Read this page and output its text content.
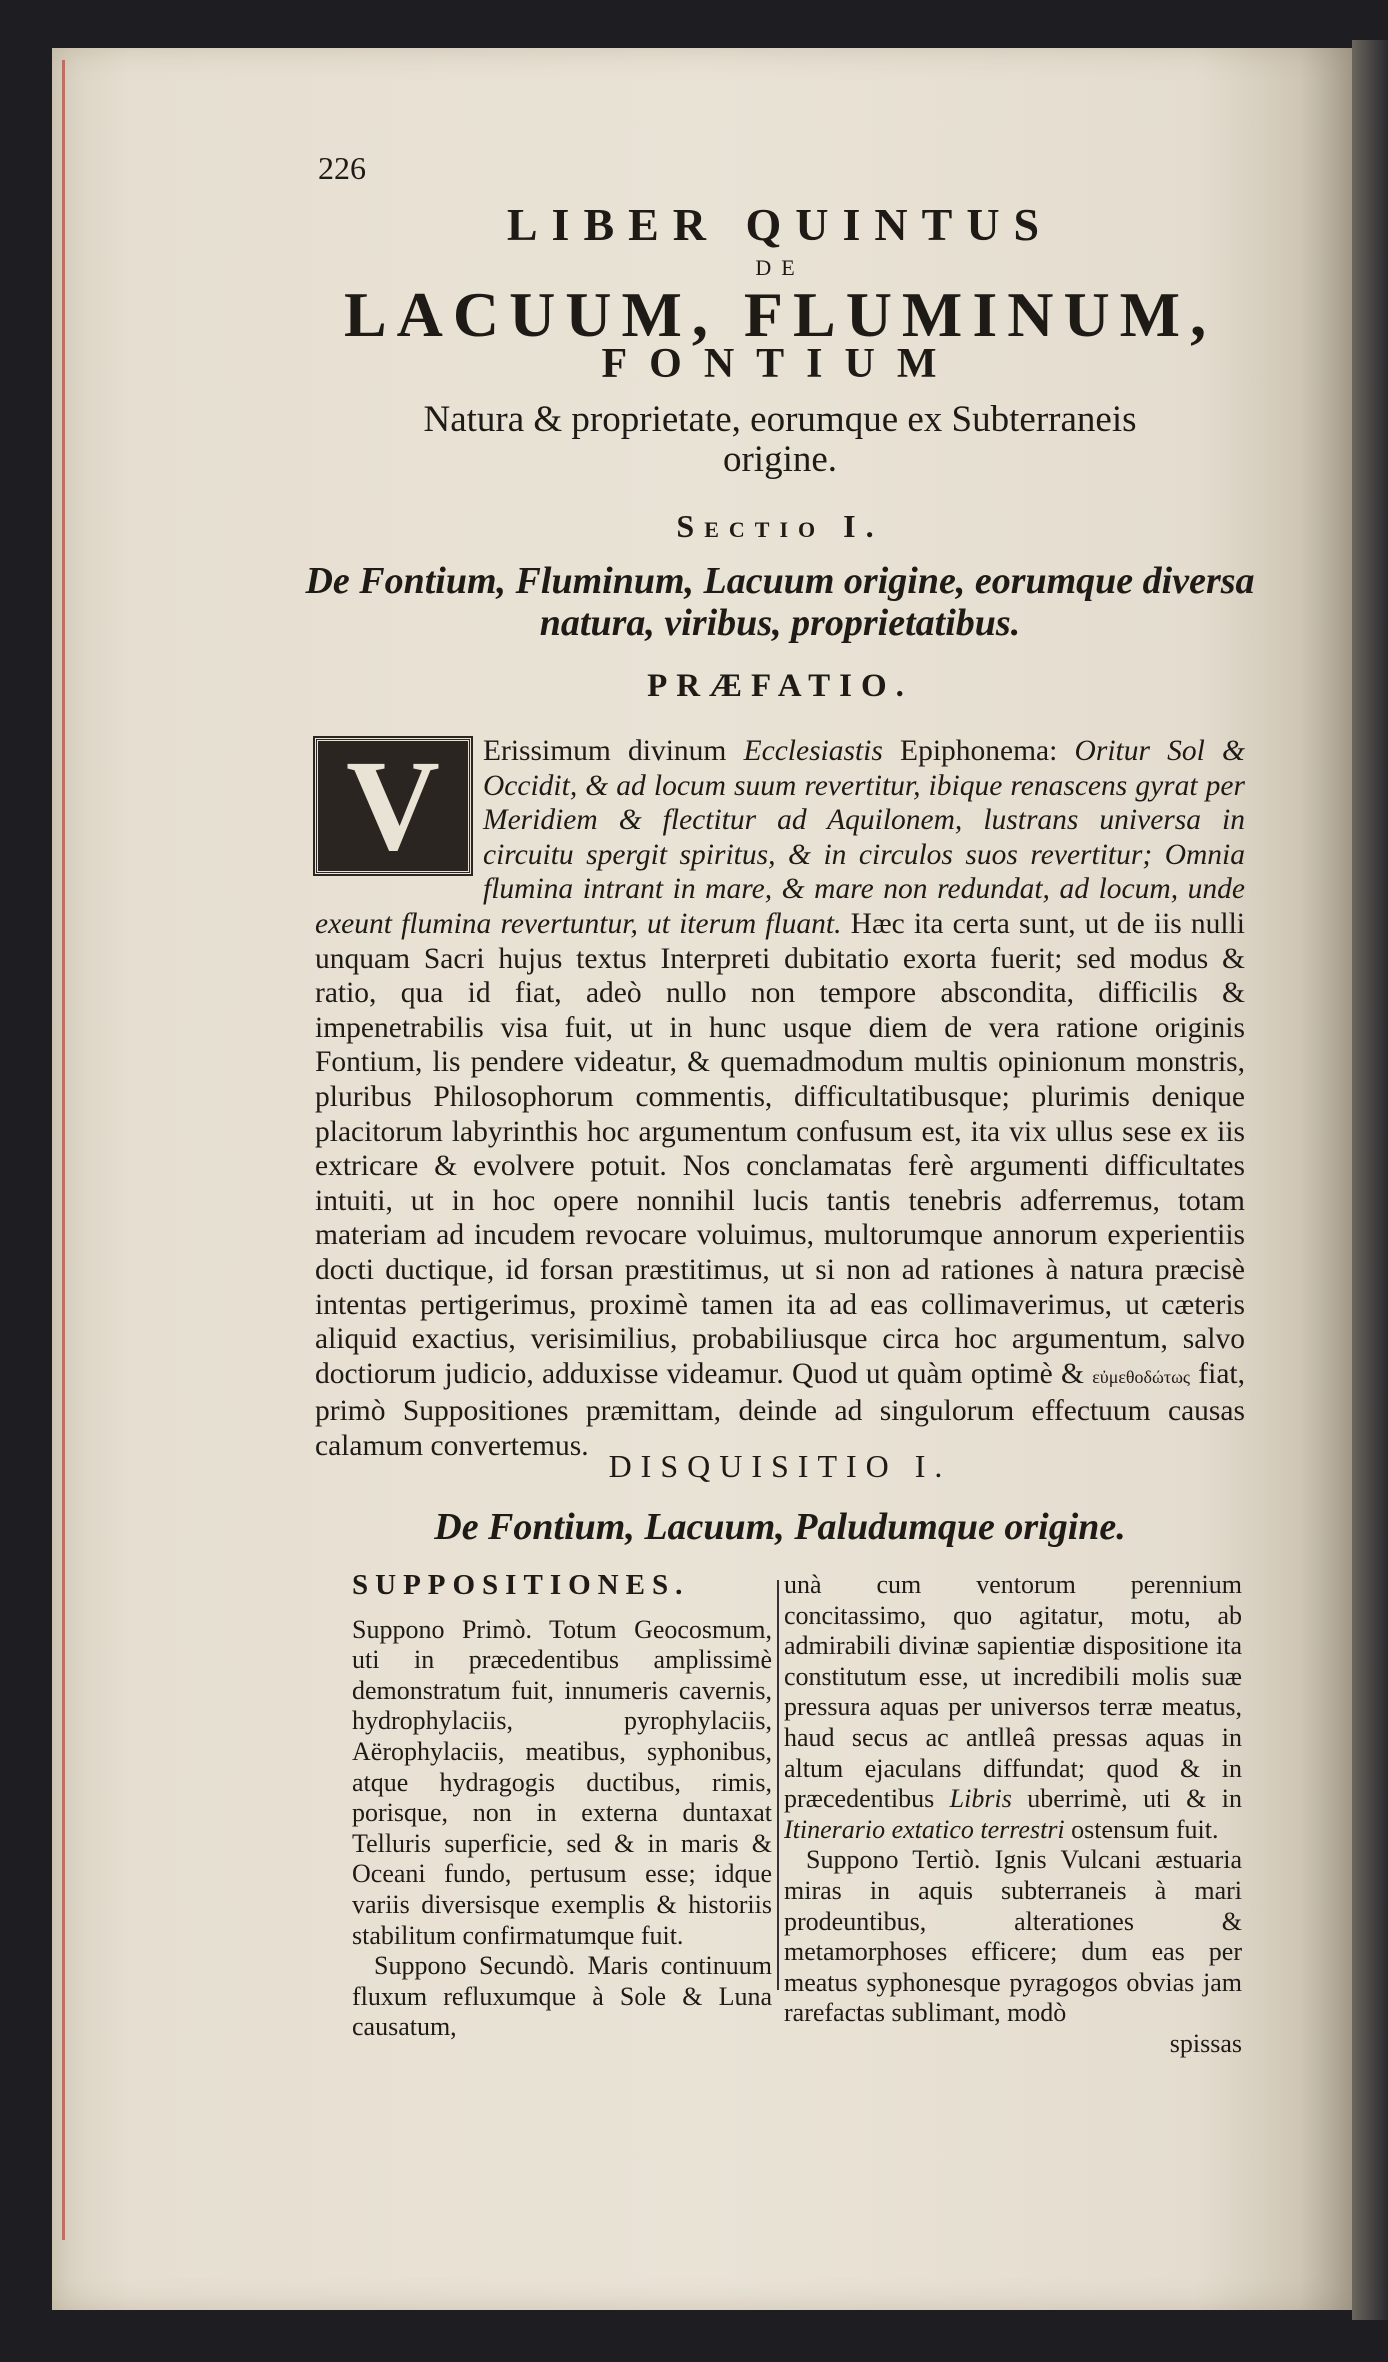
226
LIBER QUINTUS
DE
LACUUM, FLUMINUM,
FONTIUM
Natura & proprietate, eorumque ex Subterraneis
origine.
Sectio I.
De Fontium, Fluminum, Lacuum origine, eorumque diversa
natura, viribus, proprietatibus.
PRÆFATIO.
V	Erissimum divinum Ecclesiastis Epiphonema: Oritur Sol & Occidit, & ad locum suum revertitur, ibique renascens gyrat per Meridiem & flectitur ad Aquilonem, lustrans universa in circuitu spergit spiritus, & in circulos suos revertitur; Omnia flumina intrant in mare, & mare non redundat, ad locum, unde exeunt flumina revertuntur, ut iterum fluant. Hæc ita certa sunt, ut de iis nulli unquam Sacri hujus textus Interpreti dubitatio exorta fuerit; sed modus & ratio, qua id fiat, adeò nullo non tempore abscondita, difficilis & impenetrabilis visa fuit, ut in hunc usque diem de vera ratione originis Fontium, lis pendere videatur, & quemadmodum multis opinionum monstris, pluribus Philosophorum commentis, difficultatibusque; plurimis denique placitorum labyrinthis hoc argumentum confusum est, ita vix ullus sese ex iis extricare & evolvere potuit. Nos conclamatas ferè argumenti difficultates intuiti, ut in hoc opere nonnihil lucis tantis tenebris adferremus, totam materiam ad incudem revocare voluimus, multorumque annorum experientiis docti ductique, id forsan præstitimus, ut si non ad rationes à natura præcisè intentas pertigerimus, proximè tamen ita ad eas collimaverimus, ut cæteris aliquid exactius, verisimilius, probabiliusque circa hoc argumentum, salvo doctiorum judicio, adduxisse videamur. Quod ut quàm optimè & εὐμεθοδώτως fiat, primò Suppositiones præmittam, deinde ad singulorum effectuum causas calamum convertemus.
DISQUISITIO I.
De Fontium, Lacuum, Paludumque origine.
SUPPOSITIONES.

Suppono Primò. Totum Geocosmum, uti in præcedentibus amplissimè demonstratum fuit, innumeris cavernis, hydrophylaciis, pyrophylaciis, Aërophylaciis, meatibus, syphonibus, atque hydragogis ductibus, rimis, porisque, non in externa duntaxat Telluris superficie, sed & in maris & Oceani fundo, pertusum esse; idque variis diversisque exemplis & historiis stabilitum confirmatumque fuit.

Suppono Secundò. Maris continuum fluxum refluxumque à Sole & Luna causatum,

unà cum ventorum perennium concitassimo, quo agitatur, motu, ab admirabili divinæ sapientiæ dispositione ita constitutum esse, ut incredibili molis suæ pressura aquas per universos terræ meatus, haud secus ac antlleâ pressas aquas in altum ejaculans diffundat; quod & in præcedentibus Libris uberrimè, uti & in Itinerario extatico terrestri ostensum fuit.

Suppono Tertiò. Ignis Vulcani æstuaria miras in aquis subterraneis à mari prodeuntibus, alterationes & metamorphoses efficere; dum eas per meatus syphonesque pyragogos obvias jam rarefactas sublimant, modò

spissas
